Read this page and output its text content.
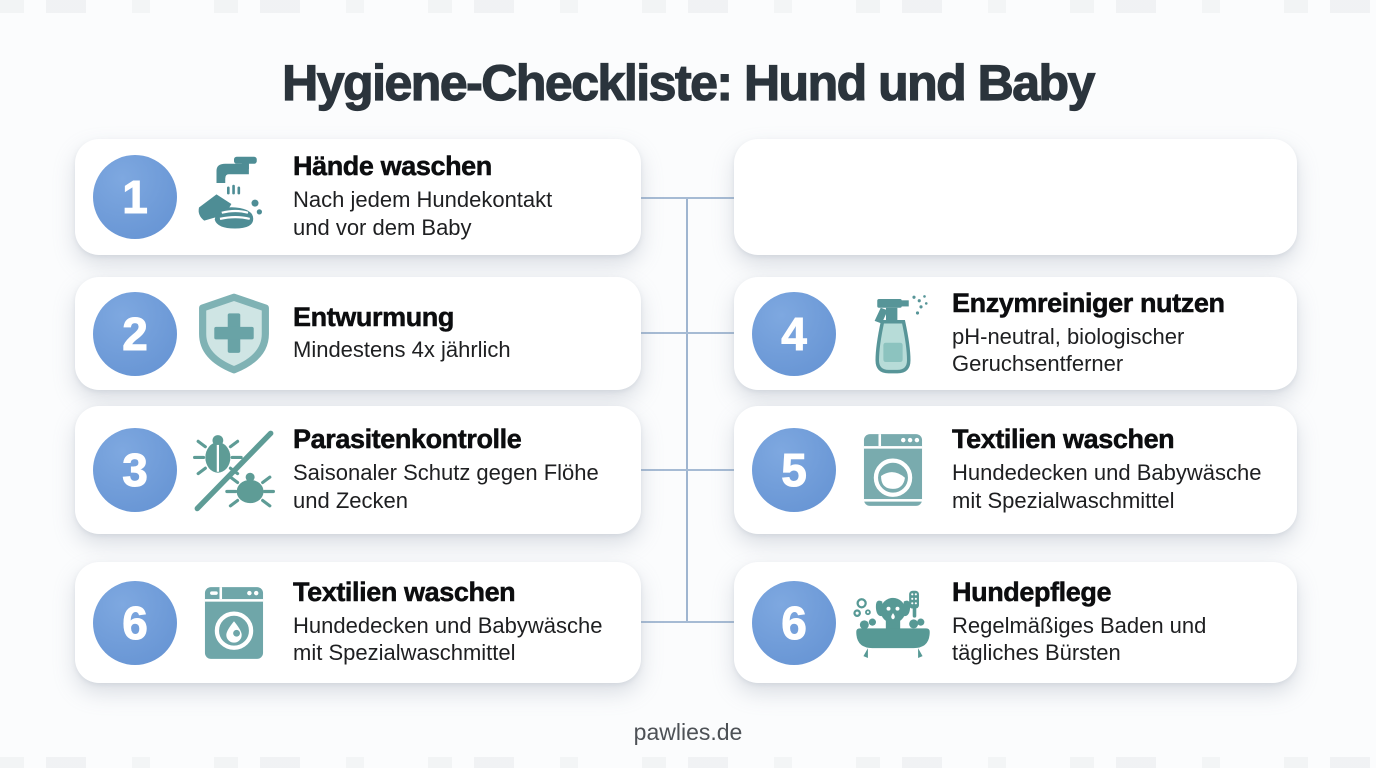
Hygiene-Checkliste: Hund und Baby
1
Hände waschen
Nach jedem Hundekontakt
und vor dem Baby
2	Entwurmung
Mindestens 4x jährlich
3
Parasitenkontrolle
Saisonaler Schutz gegen Flöhe
und Zecken
6
Textilien waschen
Hundedecken und Babywäsche
mit Spezialwaschmittel
4
Enzymreiniger nutzen
pH-neutral, biologischer
Geruchsentferner
5
Textilien waschen
Hundedecken und Babywäsche
mit Spezialwaschmittel
6
Hundepflege
Regelmäßiges Baden und
tägliches Bürsten
pawlies.de
